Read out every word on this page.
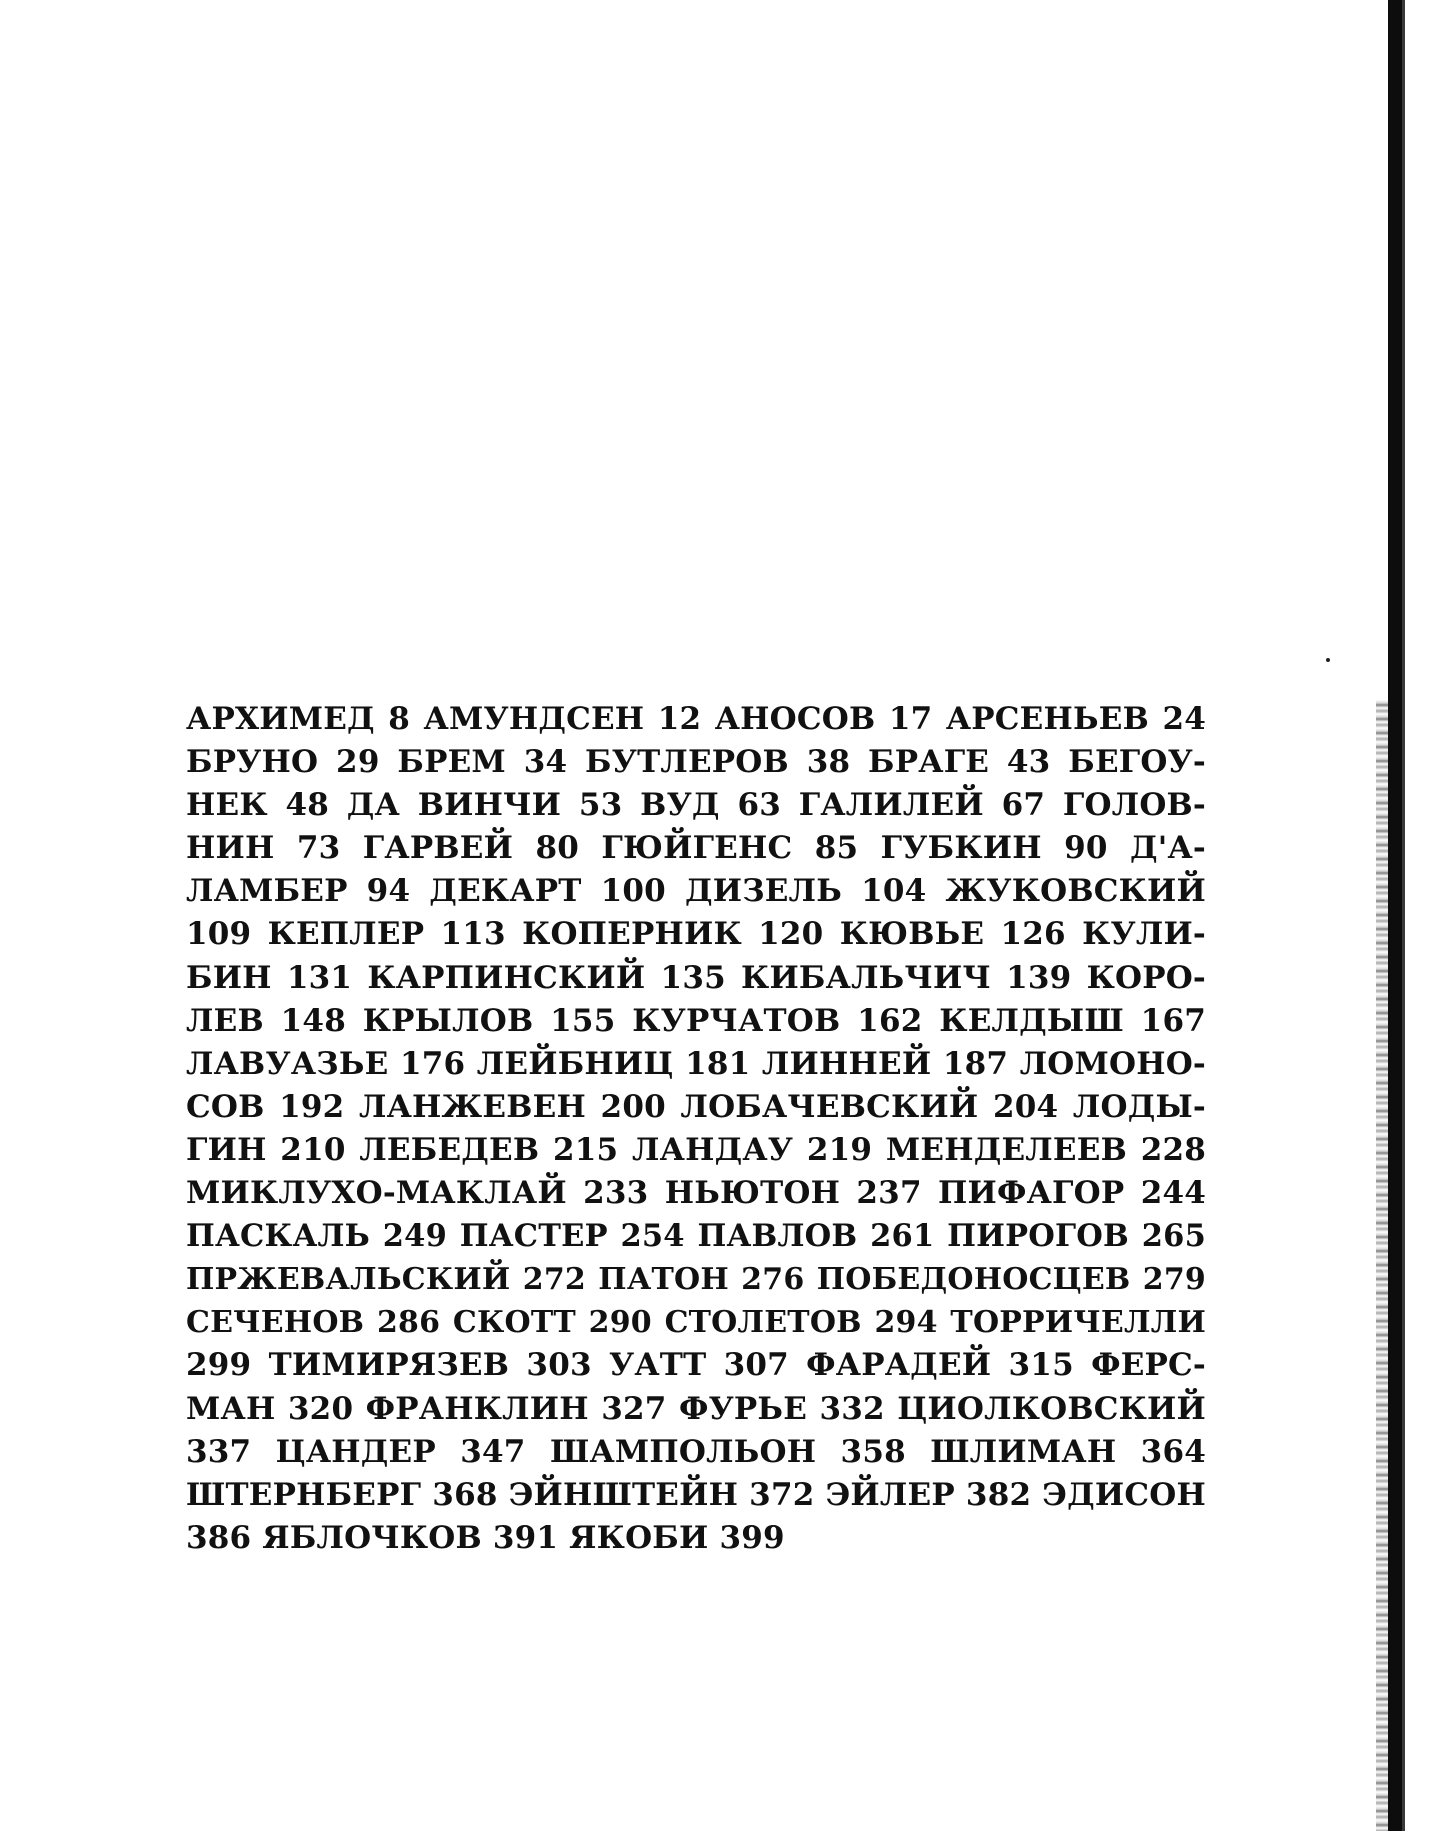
АРХИМЕД 8 АМУНДСЕН 12 АНОСОВ 17 АРСЕНЬЕВ 24
БРУНО 29 БРЕМ 34 БУТЛЕРОВ 38 БРАГЕ 43 БЕГОУ-
НЕК 48 ДА ВИНЧИ 53 ВУД 63 ГАЛИЛЕЙ 67 ГОЛОВ-
НИН 73 ГАРВЕЙ 80 ГЮЙГЕНС 85 ГУБКИН 90 Д'А-
ЛАМБЕР 94 ДЕКАРТ 100 ДИЗЕЛЬ 104 ЖУКОВСКИЙ
109 КЕПЛЕР 113 КОПЕРНИК 120 КЮВЬЕ 126 КУЛИ-
БИН 131 КАРПИНСКИЙ 135 КИБАЛЬЧИЧ 139 КОРО-
ЛЕВ 148 КРЫЛОВ 155 КУРЧАТОВ 162 КЕЛДЫШ 167
ЛАВУАЗЬЕ 176 ЛЕЙБНИЦ 181 ЛИННЕЙ 187 ЛОМОНО-
СОВ 192 ЛАНЖЕВЕН 200 ЛОБАЧЕВСКИЙ 204 ЛОДЫ-
ГИН 210 ЛЕБЕДЕВ 215 ЛАНДАУ 219 МЕНДЕЛЕЕВ 228
МИКЛУХО-МАКЛАЙ 233 НЬЮТОН 237 ПИФАГОР 244
ПАСКАЛЬ 249 ПАСТЕР 254 ПАВЛОВ 261 ПИРОГОВ 265
ПРЖЕВАЛЬСКИЙ 272 ПАТОН 276 ПОБЕДОНОСЦЕВ 279
СЕЧЕНОВ 286 СКОТТ 290 СТОЛЕТОВ 294 ТОРРИЧЕЛЛИ
299 ТИМИРЯЗЕВ 303 УАТТ 307 ФАРАДЕЙ 315 ФЕРС-
МАН 320 ФРАНКЛИН 327 ФУРЬЕ 332 ЦИОЛКОВСКИЙ
337 ЦАНДЕР 347 ШАМПОЛЬОН 358 ШЛИМАН 364
ШТЕРНБЕРГ 368 ЭЙНШТЕЙН 372 ЭЙЛЕР 382 ЭДИСОН
386 ЯБЛОЧКОВ 391 ЯКОБИ 399
